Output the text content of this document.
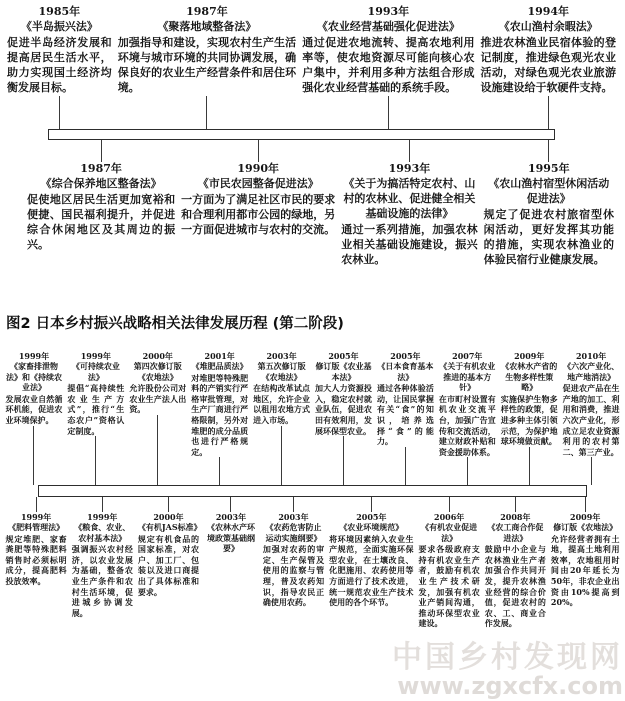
1985年
《半岛振兴法》
促进半岛经济发展和提高居民生活水平，助力实现国土经济均衡发展目标。
1987年
《聚落地域整备法》
加强指导和建设，实现农村生产生活环境与城市环境的共同协调发展，确保良好的农业生产经营条件和居住环境。
1993年
《农业经营基础强化促进法》
通过促进农地流转、提高农地利用率等，使农地资源尽可能向核心农户集中，并利用多种方法组合形成强化农业经营基础的系统手段。
1994年
《农山渔村余暇法》
推进农林渔业民宿体验的登记制度，推进绿色观光农业活动，对绿色观光农业旅游设施建设给于软硬件支持。
1987年
《综合保养地区整备法》
促使地区居民生活更加宽裕和便捷、国民福利提升，并促进综合休闲地区及其周边的振兴。
1990年
《市民农园整备促进法》
一方面为了满足社区市民的要求和合理利用都市公园的绿地，另一方面促进城市与农村的交流。
1993年
《关于为搞活特定农村、山村的农林业、促进健全相关基础设施的法律》
通过一系列措施，加强农林业相关基础设施建设，振兴农林业。
1995年
《农山渔村宿型休闲活动促进法》
规定了促进农村旅宿型休闲活动，更好发挥其功能的措施，实现农林渔业的体验民宿行业健康发展。
图2 日本乡村振兴战略相关法律发展历程 (第二阶段)
1999年
《家畜排泄物法》和《持续农业法》
发展农业自然循环机能，促进农业环境保护。
1999年
《可持续农业法》
提倡“高持续性农业生产方式”，推行“生态农户”资格认定制度。
2000年
第四次修订版《农地法》
允许股份公司对农业生产法人出资。
2001年
《堆肥品质法》
对堆肥等特殊肥料的产销实行严格审批管理，对生产厂商进行严格限制，另外对堆肥的成分品质也进行严格规定。
2003年
第五次修订版《农地法》
在结构改革试点地区，允许企业以租用农地方式进入市场。
2005年
修订版《农业基本法》
加大人力资源投入，稳定农村就业队伍，促进农田有效利用，发展环保型农业。
2005年
《日本食育基本法》
通过各种体验活动，让国民掌握有关“食”的知识，培养选择“食”的能力。
2007年
《关于有机农业推进的基本方针》
在市町村设置有机农业交流平台，加强广告宣传和交流活动，建立财政补贴和资金援助体系。
2009年
《农林水产省的生物多样性策略》
实施保护生物多样性的政策，促进多种主体引领示范，为保护地球环境做贡献。
2010年
《六次产业化、地产地消法》
促进农产品在生产地的加工、利用和消费，推进六次产业化，形成立足农业资源利用的农村第二、第三产业。
1999年
《肥料管理法》
规定堆肥、家畜粪肥等特殊肥料销售时必须标明成分，提高肥料投放效率。
1999年
《粮食、农业、农村基本法》
强调振兴农村经济，以农业发展为基础，整备农业生产条件和农村生活环境，促进城乡协调发展。
2000年
《有机JAS标准》
规定有机食品的国家标准，对农户、加工厂、包装以及进口商提出了具体标准和要求。
2003年
《农林水产环境政策基础纲要》
2003年
《农药危害防止运动实施纲要》
加强对农药的审定、生产保管及使用的监察与管理，普及农药知识，指导农民正确使用农药。
2005年
《农业环境规范》
将环境因素纳入农业生产规范，全面实施环保型农业，在土壤改良、化肥施用、农药使用等方面进行了技术改进，统一规范农业生产技术使用的各个环节。
2006年
《有机农业促进法》
要求各级政府支持有机农业生产者，鼓励有机农业生产技术研发，加强有机农业产销间沟通，推动环保型农业建设。
2008年
《农工商合作促进法》
鼓励中小企业与农林渔业生产者加强合作共同开发，提升农林渔业经营的综合价值，促进农村的农、工、商业合作发展。
2009年
修订版《农地法》
允许经营者拥有土地，提高土地利用效率，农地租用时间由20年延长为50年，非农企业出资由10%提高到20%。
中国乡村发现网
www.zgxcfx.com
